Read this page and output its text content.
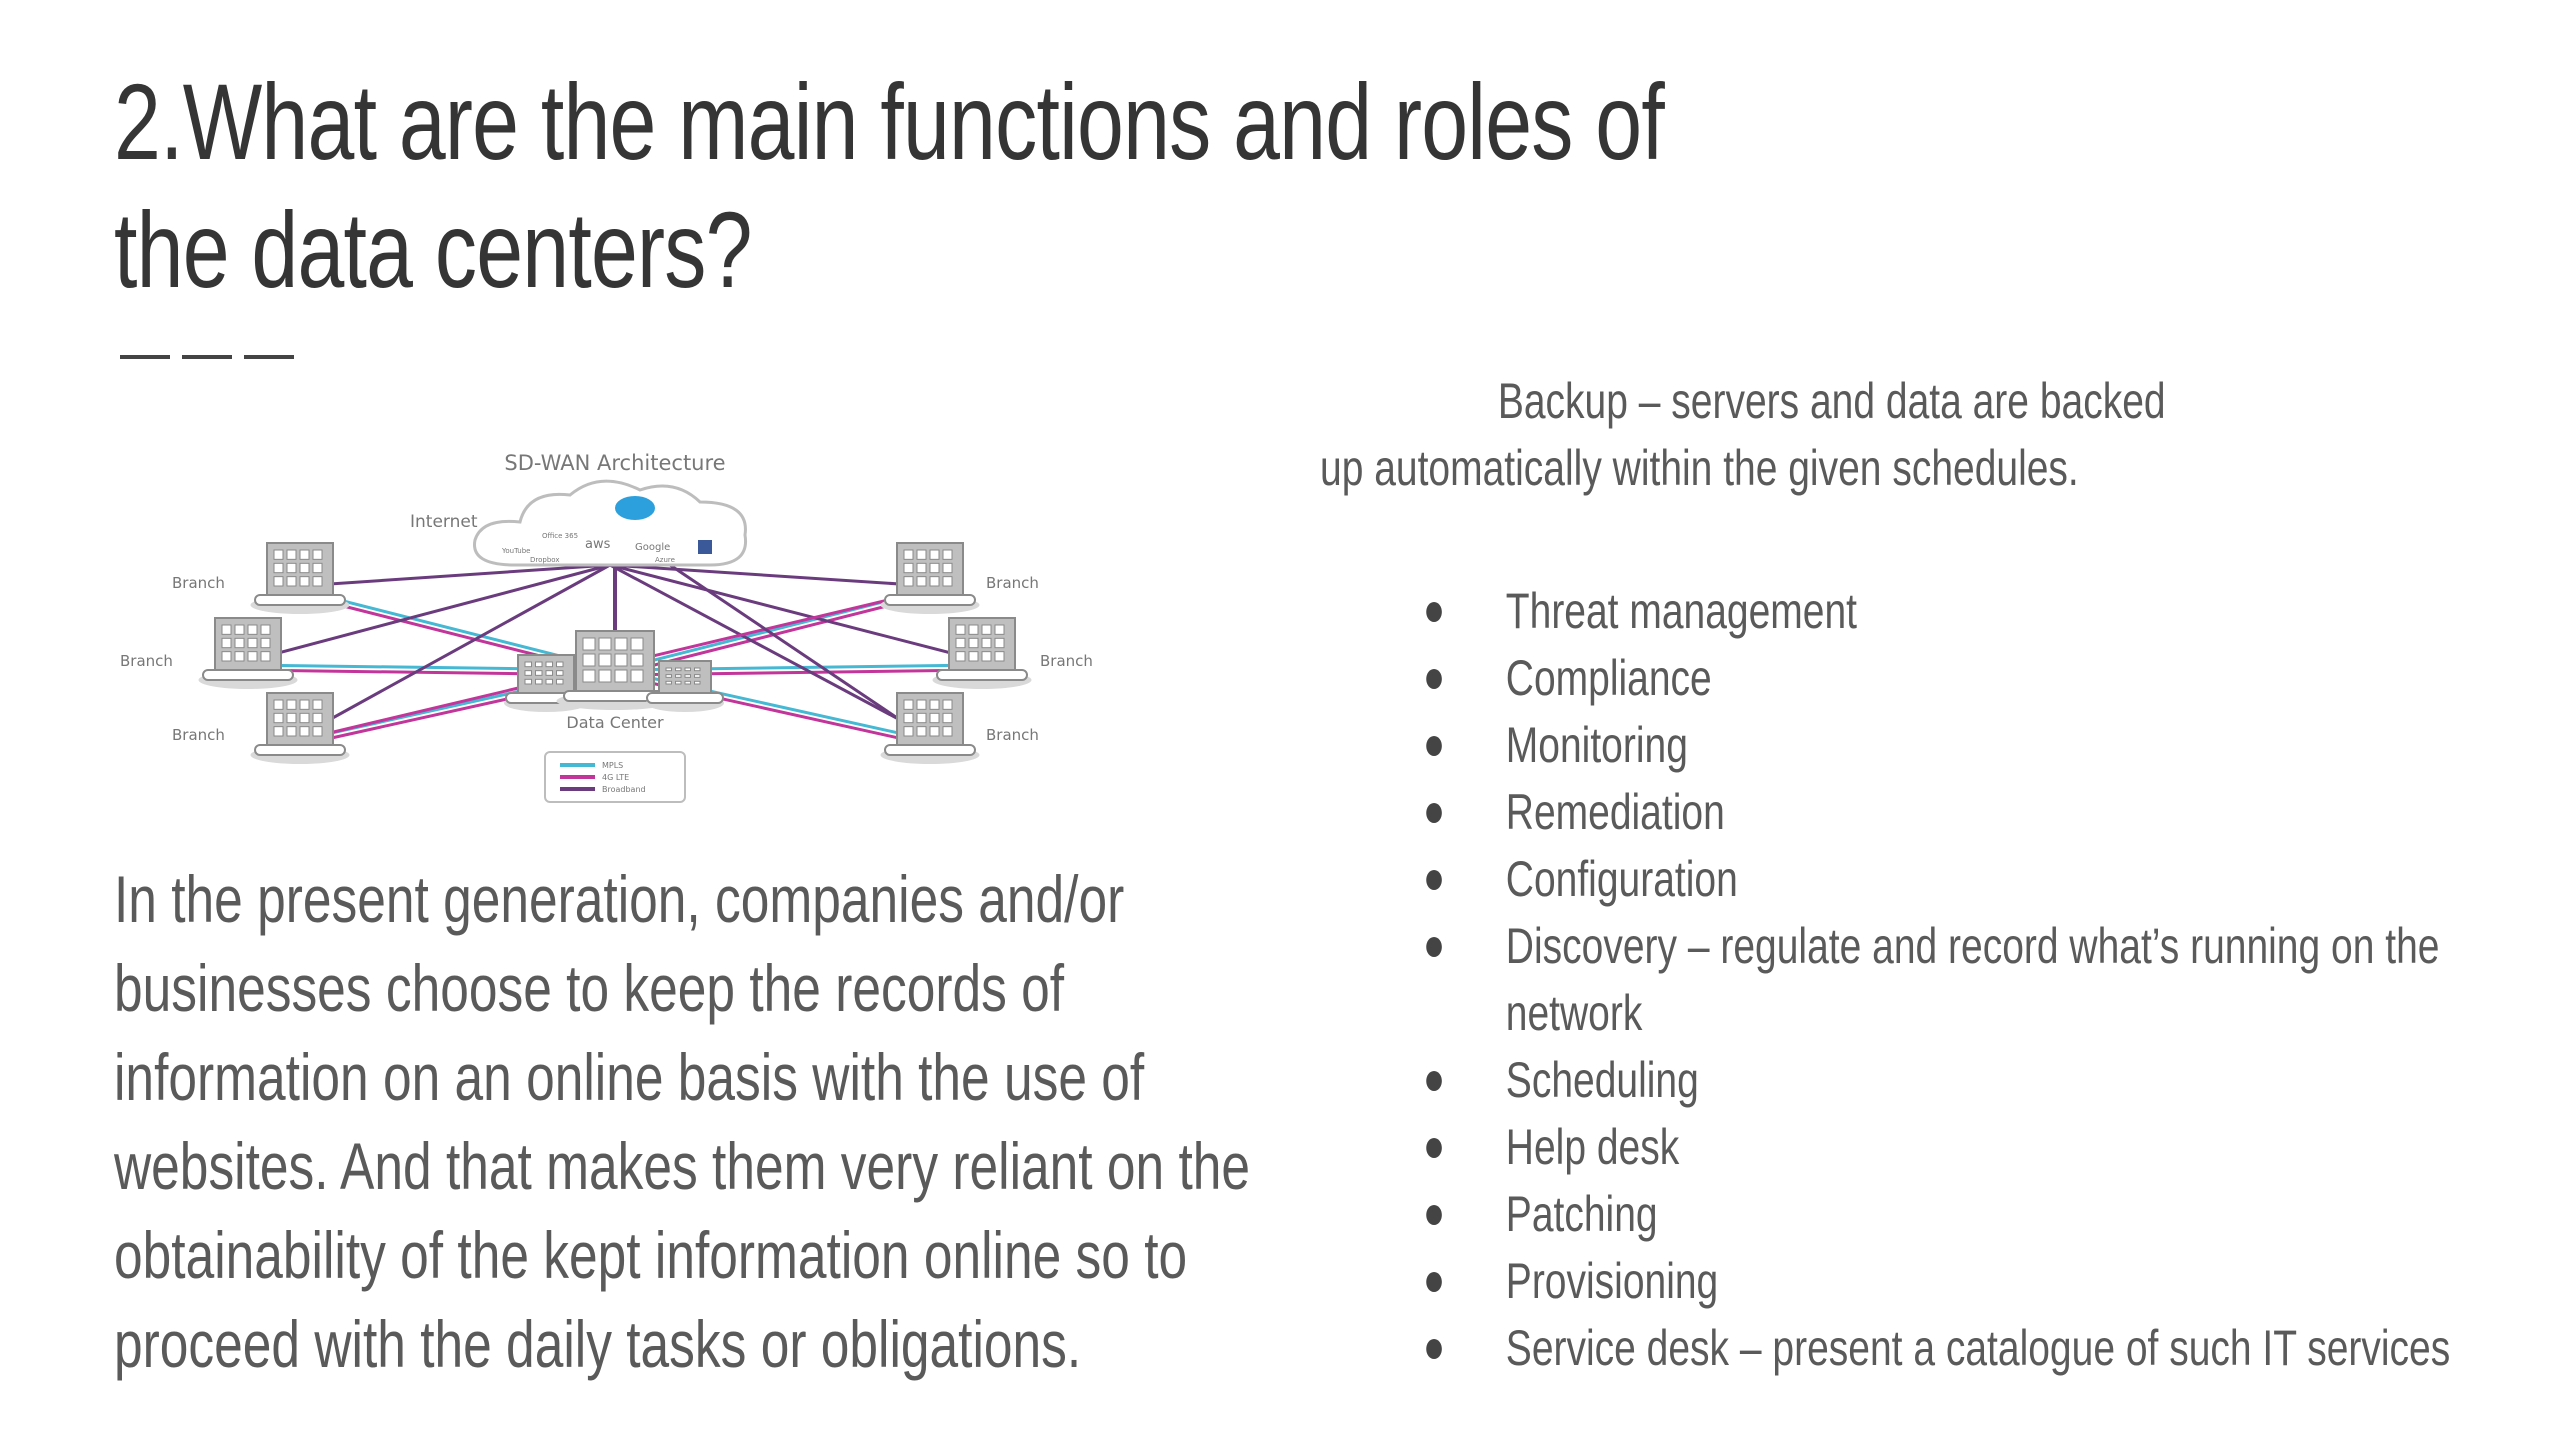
2.What are the main functions and roles of the data centers?
SD-WAN Architecture
Office 365
aws Google
YouTube
Dropbox	Azure
Internet
Branch
Branch
Branch
Branch
Branch
Branch
Data Center
MPLS
4G LTE
Broadband

In the present generation, companies and/or businesses choose to keep the records of information on an online basis with the use of websites. And that makes them very reliant on the obtainability of the kept information online so to proceed with the daily tasks or obligations.

Backup – servers and data are backed up automatically within the given schedules.

Threat management
Compliance
Monitoring
Remediation
Configuration
Discovery – regulate and record what’s running on the network
Scheduling
Help desk
Patching
Provisioning
Service desk – present a catalogue of such IT services
